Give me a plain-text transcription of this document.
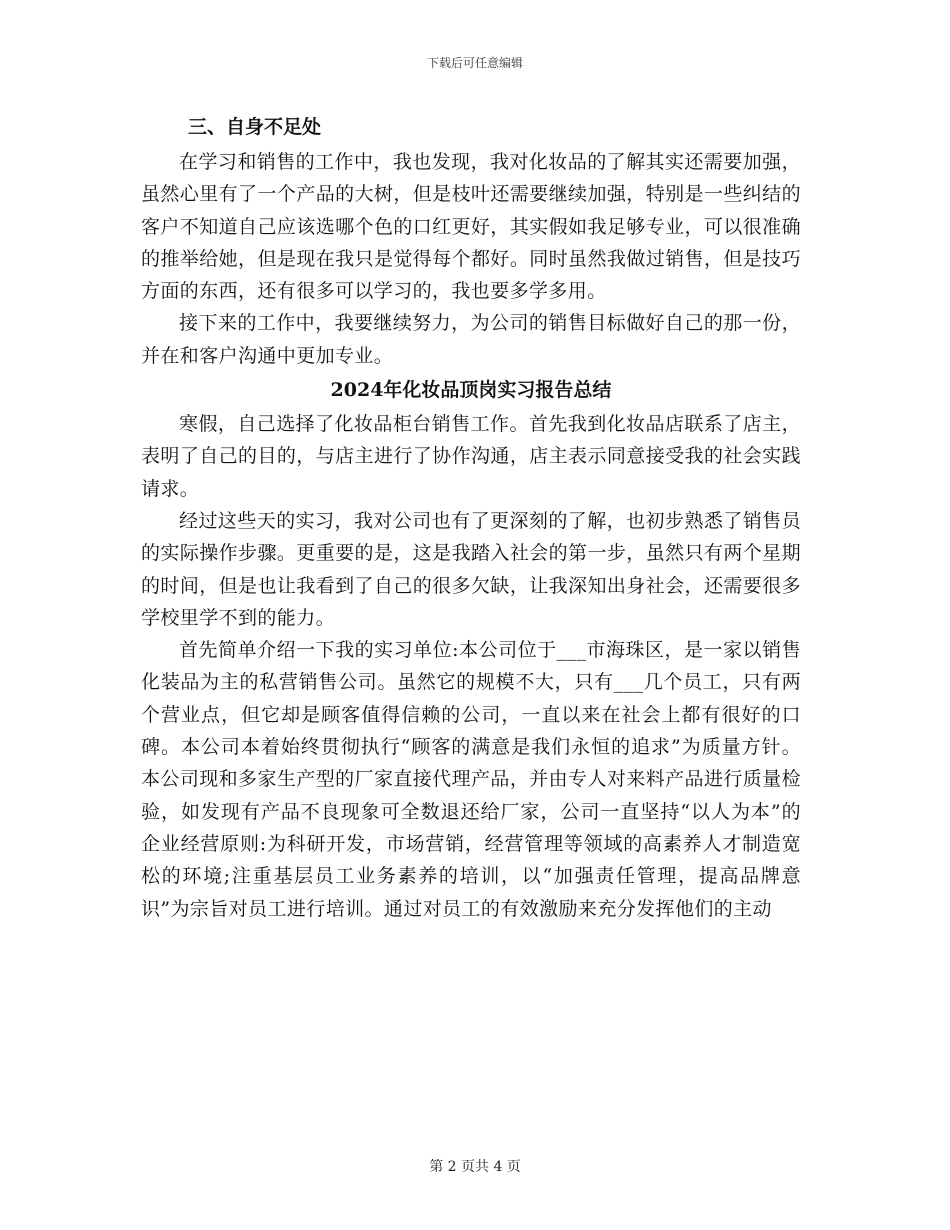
下载后可任意编辑
三、自身不足处

在学习和销售的工作中，我也发现，我对化妆品的了解其实还需要加强，虽然心里有了一个产品的大树，但是枝叶还需要继续加强，特别是一些纠结的客户不知道自己应该选哪个色的口红更好，其实假如我足够专业，可以很准确的推举给她，但是现在我只是觉得每个都好。同时虽然我做过销售，但是技巧方面的东西，还有很多可以学习的，我也要多学多用。

接下来的工作中，我要继续努力，为公司的销售目标做好自己的那一份，并在和客户沟通中更加专业。

2024年化妆品顶岗实习报告总结

寒假，自己选择了化妆品柜台销售工作。首先我到化妆品店联系了店主，表明了自己的目的，与店主进行了协作沟通，店主表示同意接受我的社会实践请求。

经过这些天的实习，我对公司也有了更深刻的了解，也初步熟悉了销售员的实际操作步骤。更重要的是，这是我踏入社会的第一步，虽然只有两个星期的时间，但是也让我看到了自己的很多欠缺，让我深知出身社会，还需要很多学校里学不到的能力。

首先简单介绍一下我的实习单位:本公司位于___市海珠区，是一家以销售化装品为主的私营销售公司。虽然它的规模不大，只有___几个员工，只有两个营业点，但它却是顾客值得信赖的公司，一直以来在社会上都有很好的口碑。本公司本着始终贯彻执行“顾客的满意是我们永恒的追求”为质量方针。本公司现和多家生产型的厂家直接代理产品，并由专人对来料产品进行质量检验，如发现有产品不良现象可全数退还给厂家，公司一直坚持“以人为本”的企业经营原则:为科研开发，市场营销，经营管理等领域的高素养人才制造宽松的环境;注重基层员工业务素养的培训，以“加强责任管理，提高品牌意识”为宗旨对员工进行培训。通过对员工的有效激励来充分发挥他们的主动

第 2 页共 4 页
